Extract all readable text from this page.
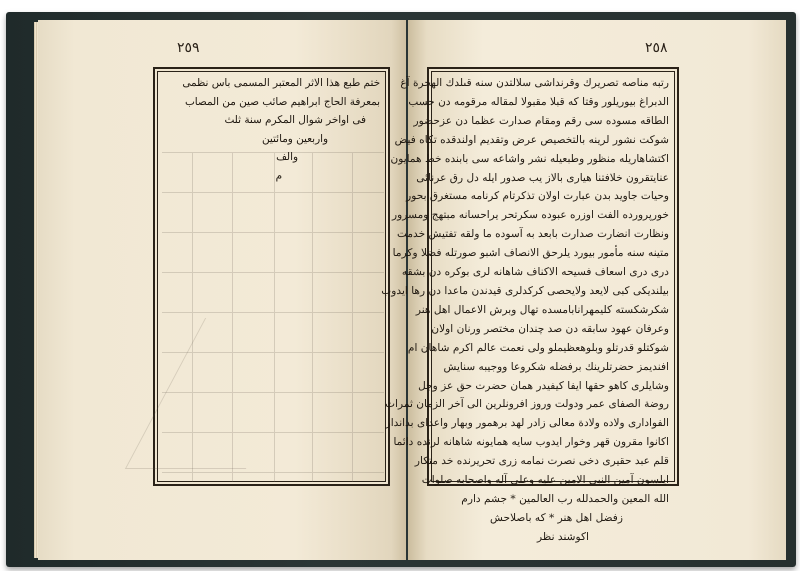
٢٥٩
ختم طبع هذا الاثر المعتبر المسمى باس نظمى
بمعرفة الحاج ابراهيم صائب صين من المصاب
فى اواخر شوال المكرم سنة ثلث
واربعين ومائتين
والف
م
٢٥٨
رتبه مناصه تصريرك وقرنداشى سلالتدن سنه قىلدك الهجرة آغ
الدبراغ بيوريلور وقتا كه قبلا مقبولا لمقاله مرقومه دن حسب
الطاقه مسوده سى رقم ومقام صدارت عظما دن عزحضور
شوكت نشور لرينه بالتخصيص عرض وتقديم اولندقده تكاه فيض
اكتشاهاريله منظور وطبعيله نشر واشاعه سى بابنده خط همايون
عنايتقرون خلافتنا هيارى بالاز يب صدور ايله دل رق عرنائى
وحيات جاويد بدن عبارت اولان تذكرتام كرنامه مستغرق بحور
خورپرورده الفت اوزره عبوده سكرتحر يراحسانه مبتهج ومسرور
ونظارت انضارت صدارت بابعد به آسوده ما ولقه تفتيش خدمت
متينه سنه مأمور بيورد يلرحق الانصاف اشبو صورتله فضلا وكرما
درى درى اسعاف فسيحه الاكناف شاهانه لرى بوكره دن بشقه
بيلنديكى كبى لايعد ولايحصى كركدلرى قيدندن ماعدا دن رها ايدوب
شكرشكسته كليمهرانابامسده تهال وبرش الاعمال اهل هنر
وعرفان عهود سابقه دن صد چندان مختصر ورنان اولان
شوكتلو قدرتلو وبلوهعظيملو ولى نعمت عالم اكرم شاهان ام
افنديمز حضرتلرينك برفضله شكروعا ووجيبه سنايش
وشايلرى كاهو حقها ايفا كيفيدر همان حضرت حق عز وجل
روضة الصفاى عمر ودولت وروز افرونلرين الى آخر الزمان ثمرات
الفوادارى ولاده ولادة معالى زادر لهد برهمور وبهار واعداى بداندار
اكانوا مقرون قهر وخوار ايدوب سايه همايونه شاهانه لرنده دائما
قلم عبد حقيرى دخى نصرت نمامه زرى تحريرنده خد متكار
ايلسون آمين النبى الامين عليه وعلى آله واصحابه صلوات
الله المعين والحمدلله رب العالمين * جشم دارم
زفضل اهل هنر * كه باصلاحش
اكوشند نظر
